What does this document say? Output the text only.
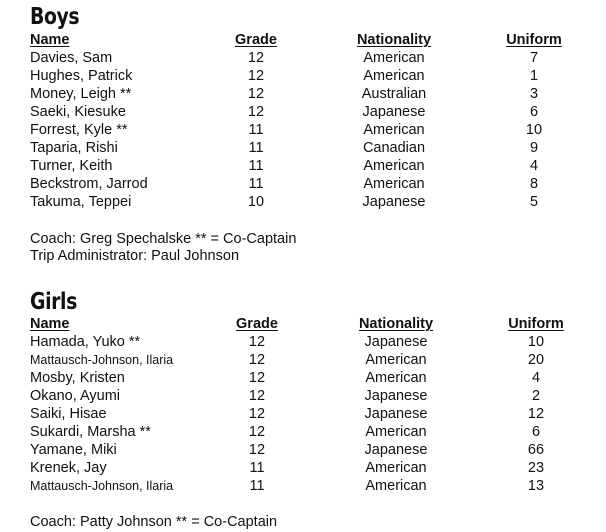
Boys
Name	Grade	Nationality	Uniform
Davies, Sam	12	American	7
Hughes, Patrick	12	American	1
Money, Leigh **	12	Australian	3
Saeki, Kiesuke	12	Japanese	6
Forrest, Kyle **	11	American	10
Taparia, Rishi	11	Canadian	9
Turner, Keith	11	American	4
Beckstrom, Jarrod	11	American	8
Takuma, Teppei	10	Japanese	5
Coach: Greg Spechalske ** = Co-Captain
Trip Administrator: Paul Johnson
Girls
Name	Grade	Nationality	Uniform
Hamada, Yuko **	12	Japanese	10
Mattausch-Johnson, Ilaria	12	American	20
Mosby, Kristen	12	American	4
Okano, Ayumi	12	Japanese	2
Saiki, Hisae	12	Japanese	12
Sukardi, Marsha **	12	American	6
Yamane, Miki	12	Japanese	66
Krenek, Jay	11	American	23
Mattausch-Johnson, Ilaria	11	American	13
Coach: Patty Johnson ** = Co-Captain
